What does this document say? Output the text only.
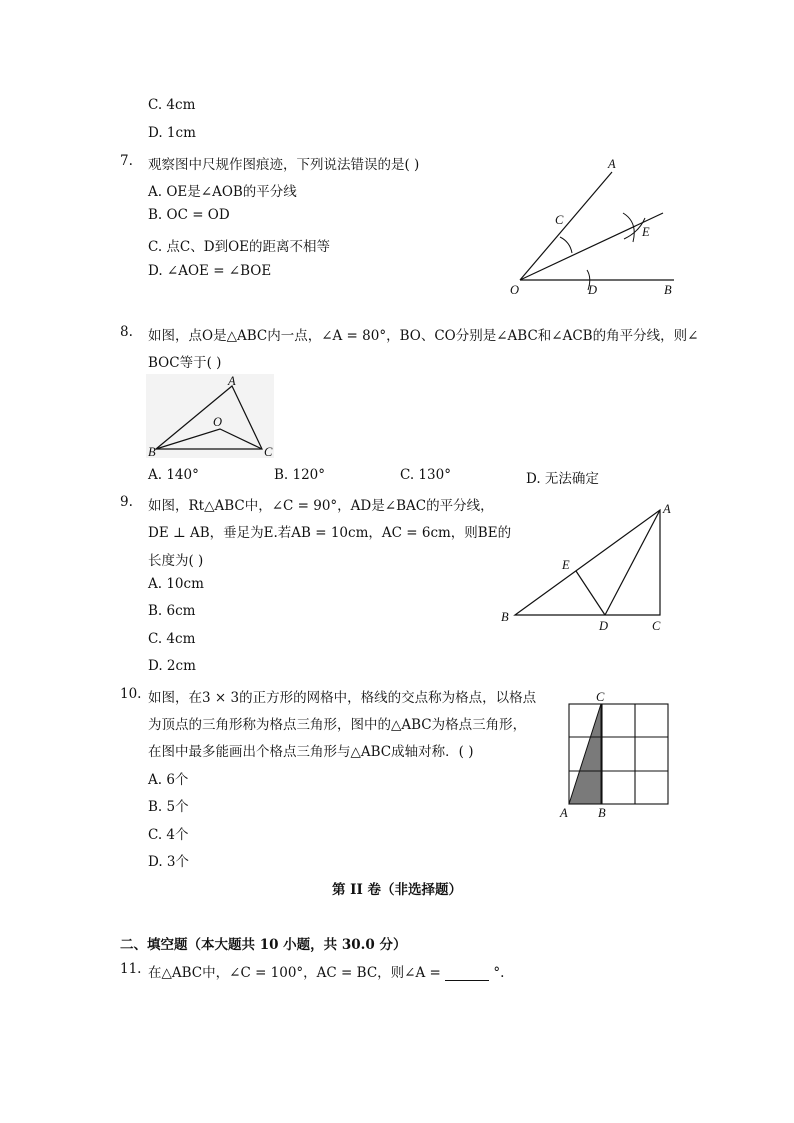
C. 4cm
D. 1cm
7. 观察图中尺规作图痕迹，下列说法错误的是( )
A. OE是∠AOB的平分线
B. OC = OD
C. 点C、D到OE的距离不相等
D. ∠AOE = ∠BOE
A
C
E
O	D	B
8. 如图，点O是△ABC内一点，∠A = 80°，BO、CO分别是∠ABC和∠ACB的角平分线，则∠
BOC等于( )
A
O
B	C
A. 140°	B. 120°	C. 130°	D. 无法确定
9. 如图，Rt△ABC中，∠C = 90°，AD是∠BAC的平分线，
DE ⊥ AB，垂足为E.若AB = 10cm，AC = 6cm，则BE的
长度为( )
A. 10cm
B. 6cm
C. 4cm
D. 2cm
A
E
B
D	C
10. 如图，在3 × 3的正方形的网格中，格线的交点称为格点，以格点
为顶点的三角形称为格点三角形，图中的△ABC为格点三角形，
在图中最多能画出个格点三角形与△ABC成轴对称．( )
A. 6个
B. 5个
C. 4个
D. 3个
C
A B
第 II 卷（非选择题）
二、填空题（本大题共 10 小题，共 30.0 分）
11. 在△ABC中，∠C = 100°，AC = BC，则∠A =	°.
